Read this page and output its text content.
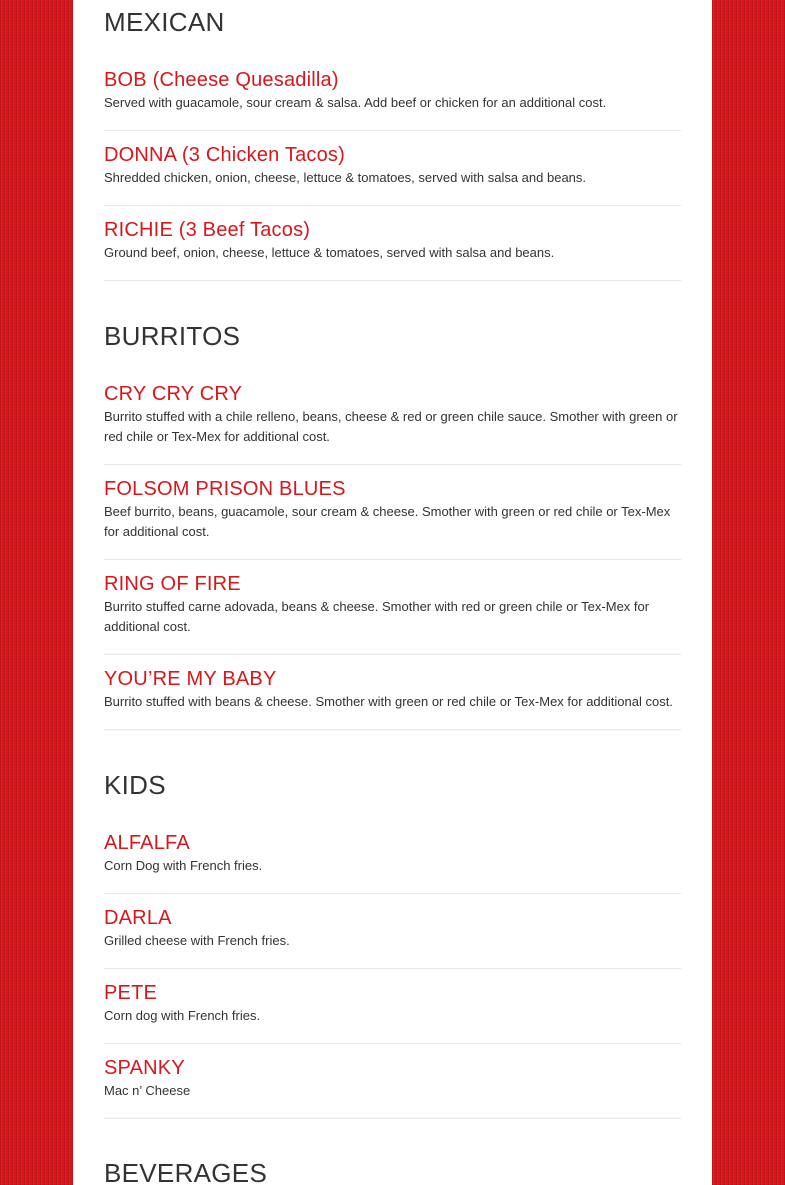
MEXICAN
BOB (Cheese Quesadilla)

Served with guacamole, sour cream & salsa. Add beef or chicken for an additional cost.

DONNA (3 Chicken Tacos)

Shredded chicken, onion, cheese, lettuce & tomatoes, served with salsa and beans.

RICHIE (3 Beef Tacos)

Ground beef, onion, cheese, lettuce & tomatoes, served with salsa and beans.

BURRITOS
CRY CRY CRY

Burrito stuffed with a chile relleno, beans, cheese & red or green chile sauce. Smother with green or red chile or Tex-Mex for additional cost.

FOLSOM PRISON BLUES

Beef burrito, beans, guacamole, sour cream & cheese. Smother with green or red chile or Tex-Mex for additional cost.

RING OF FIRE

Burrito stuffed carne adovada, beans & cheese. Smother with red or green chile or Tex-Mex for additional cost.

YOU’RE MY BABY

Burrito stuffed with beans & cheese. Smother with green or red chile or Tex-Mex for additional cost.

KIDS
ALFALFA

Corn Dog with French fries.

DARLA

Grilled cheese with French fries.

PETE

Corn dog with French fries.

SPANKY

Mac n’ Cheese

BEVERAGES
